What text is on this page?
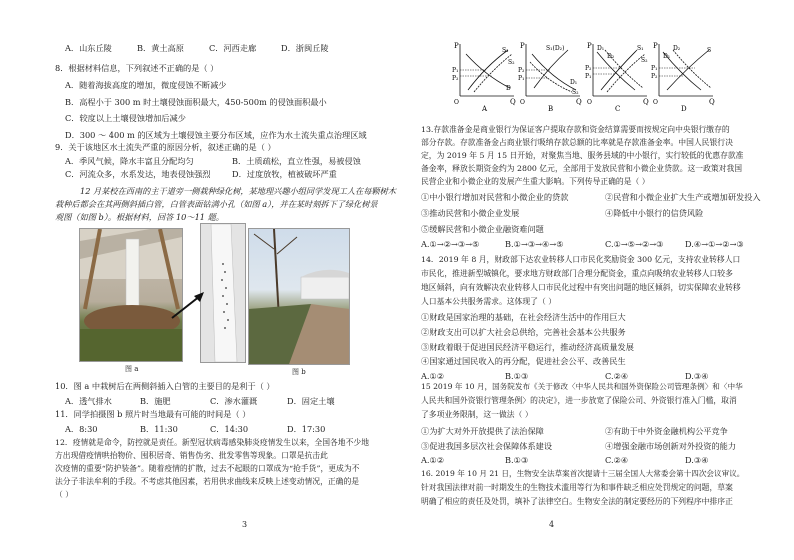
A．山东丘陵	B．黄土高原	C．河西走廊	D．浙闽丘陵
8．根据材料信息，下列叙述不正确的是（ ）
A．随着海拔高度的增加，微度侵蚀不断减少
B．高程小于 300 m 时土壤侵蚀面积最大，450-500m 的侵蚀面积最小
C．较度以上土壤侵蚀增加后减少
D．300 ～ 400 m 的区域为土壤侵蚀主要分布区域，应作为水土流失重点治理区域
9．关于该地区水土流失严重的原因分析，叙述正确的是（ ）
A．季风气候，降水丰富且分配均匀	B．土质疏松，直立性强，易被侵蚀
C．河流众多，水系发达，地表侵蚀强烈	D．过度放牧，植被破坏严重
12 月某校在西南的主干道旁一侧栽种绿化树，某地理兴趣小组同学发现工人在每颗树木
栽种后都会在其两侧斜插白管，白管表面钻满小孔（如图 a），并在某时刻拆下了绿化树景
观图（如图 b）。根据材料，回答 10～11 题。
图 a	图 b
10．图 a 中栽树后在两侧斜插入白管的主要目的是利于（ ）
A．透气排水	B．施肥	C．渗水灌溉	D．固定土壤
11．同学拍摄图 b 照片时当地最有可能的时间是（ ）
A．8:30	B．11:30	C．14:30	D．17:30
12．疫情就是命令，防控就是责任。新型冠状病毒感染肺炎疫情发生以来，全国各地不少地
方出现借疫情哄抬物价、囤积居奇、销售伪劣、批发零售等现象。口罩是抗击此
次疫情的重要“防护装备”。随着疫情的扩散，过去不起眼的口罩成为“抢手货”，更成为不
法分子非法牟利的手段。不考虑其他因素，若用供求曲线来反映上述变动情况，正确的是
（ ）
3
P
Q
S₁
S₂
D
P₁
P₂
O
A
P
Q
S₁(D₂)
D₁
S₂
P₂
P₁
O
B
P
Q
D₁
D₂
S₁
S₂
P₂
P₁
O
C
P
Q
D₂
D₁
S
P₁
P₂
O
D
13.存款准备金是商业银行为保证客户提取存款和资金结算需要而按规定向中央银行缴存的
部分存款。存款准备金占商业银行吸纳存款总额的比率就是存款准备金率。中国人民银行决
定，为 2019 年 5 月 15 日开始，对聚焦当地、服务县域的中小银行，实行较低的优惠存款准
备金率，释放长期资金约为 2800 亿元，全部用于发放民营和小微企业贷款。这一政策对我国
民营企业和小微企业的发展产生重大影响。下列传导正确的是（ ）
①中小银行增加对民营和小微企业的贷款	②民营和小微企业扩大生产或增加研发投入
③推动民营和小微企业发展	④降低中小银行的信贷风险
⑤缓解民营和小微企业融资难问题
A.①→②→③→⑤	B.①→③→④→⑤	C.①→⑤→②→③	D.④→①→②→③
14．2019 年 8 月，财政部下达农业转移人口市民化奖励资金 300 亿元，支持农业转移人口
市民化，推进新型城镇化，要求地方财政部门合理分配资金，重点向吸纳农业转移人口较多
地区倾斜，向有效解决农业转移人口市民化过程中有突出问题的地区倾斜，切实保障农业转移
人口基本公共服务需求。这体现了（ ）
①财政是国家治理的基础，在社会经济生活中的作用巨大
②财政支出可以扩大社会总供给，完善社会基本公共服务
③财政着眼于促进国民经济平稳运行，推动经济高质量发展
④国家通过国民收入的再分配，促进社会公平、改善民生
A.①②	B.①③	C.②④	D.③④
15 2019 年 10 月，国务院发布《关于修改〈中华人民共和国外资保险公司管理条例〉和〈中华
人民共和国外资银行管理条例〉的决定》，进一步放宽了保险公司、外资银行准入门槛，取消
了多项业务限制，这一做法（ ）
①为扩大对外开放提供了法治保障	②有助于中外资金融机构公平竞争
③促进我国多层次社会保障体系建设	④增强金融市场创新对外投资的能力
A.①②	B.①③	C.②④	D.③④
16. 2019 年 10 月 21 日，生物安全法草案首次提请十三届全国人大常委会第十四次会议审议。
针对我国法律对前一时期发生的生物技术滥用等行为和事件缺乏相应处罚规定的问题，草案
明确了相应的责任及处罚，填补了法律空白。生物安全法的制定要经历的下列程序中排序正
4
